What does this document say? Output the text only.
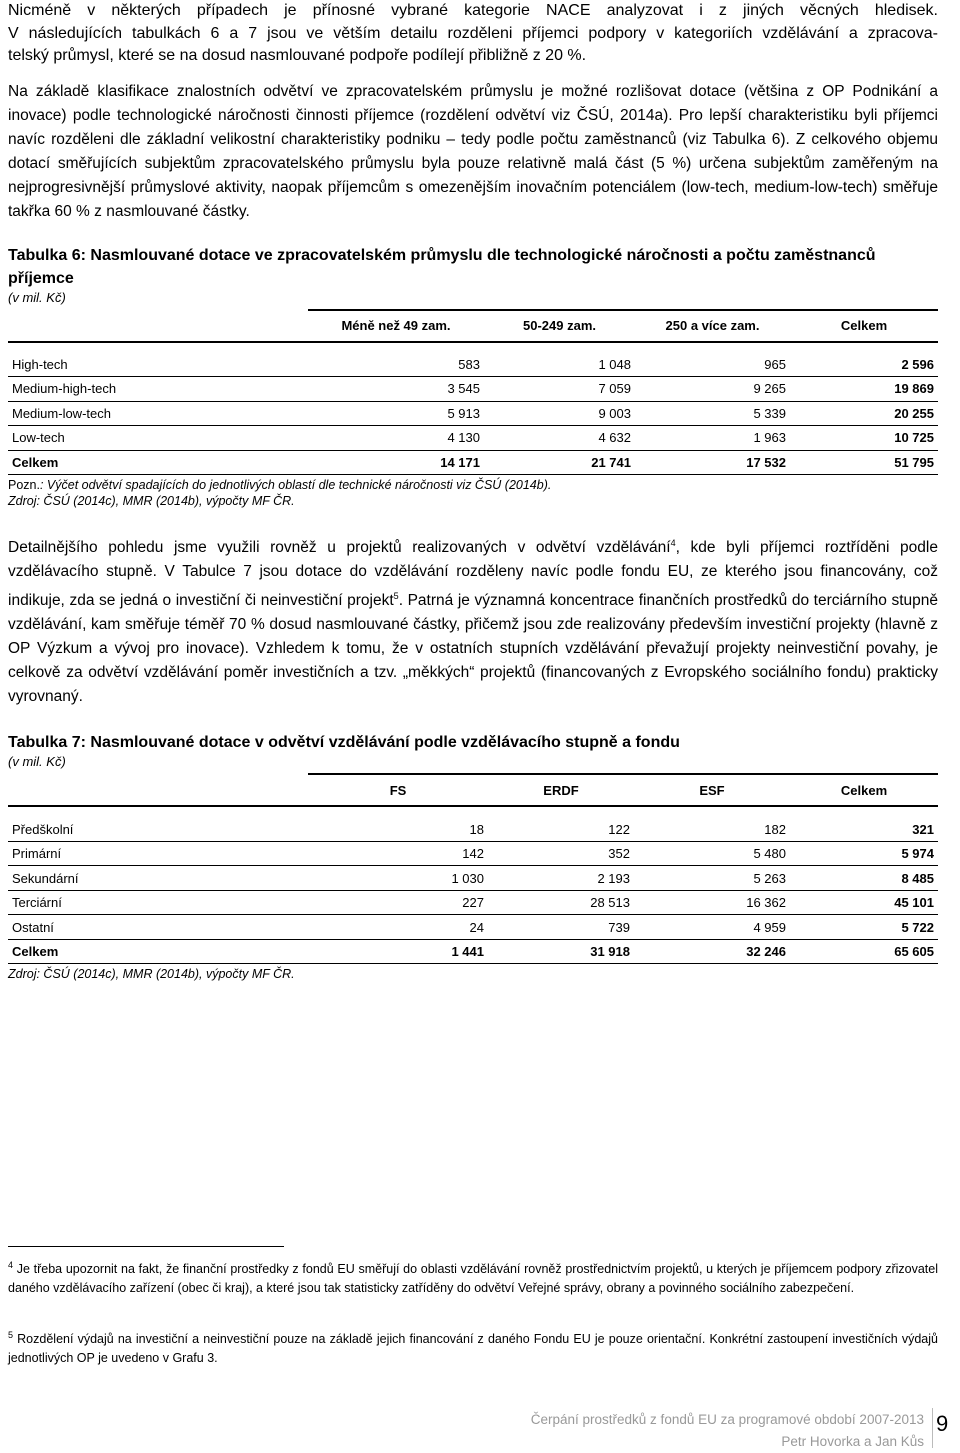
Nicméně v některých případech je přínosné vybrané kategorie NACE analyzovat i z jiných věcných hledisek.
V následujících tabulkách 6 a 7 jsou ve větším detailu rozděleni příjemci podpory v kategoriích vzdělávání a zpracova-
telský průmysl, které se na dosud nasmlouvané podpoře podílejí přibližně z 20 %.

Na základě klasifikace znalostních odvětví ve zpracovatelském průmyslu je možné rozlišovat dotace (většina z OP Podnikání a inovace) podle technologické náročnosti činnosti příjemce (rozdělení odvětví viz ČSÚ, 2014a). Pro lepší charakteristiku byli příjemci navíc rozděleni dle základní velikostní charakteristiky podniku – tedy podle počtu zaměstnanců (viz Tabulka 6). Z celkového objemu dotací směřujících subjektům zpracovatelského průmyslu byla pouze relativně malá část (5 %) určena subjektům zaměřeným na nejprogresivnější průmyslové aktivity, naopak příjemcům s omezenějším inovačním potenciálem (low-tech, medium-low-tech) směřuje takřka 60 % z nasmlouvané částky.

Tabulka 6: Nasmlouvané dotace ve zpracovatelském průmyslu dle technologické náročnosti a počtu zaměstnanců příjemce
(v mil. Kč)
	Méně než 49 zam.	50-249 zam.	250 a více zam.	Celkem

High-tech	583	1 048	965	2 596
Medium-high-tech	3 545	7 059	9 265	19 869
Medium-low-tech	5 913	9 003	5 339	20 255
Low-tech	4 130	4 632	1 963	10 725
Celkem	14 171	21 741	17 532	51 795
Pozn.: Výčet odvětví spadajících do jednotlivých oblastí dle technické náročnosti viz ČSÚ (2014b).
Zdroj: ČSÚ (2014c), MMR (2014b), výpočty MF ČR.

Detailnějšího pohledu jsme využili rovněž u projektů realizovaných v odvětví vzdělávání$^4$, kde byli příjemci roztříděni podle vzdělávacího stupně. V Tabulce 7 jsou dotace do vzdělávání rozděleny navíc podle fondu EU, ze kterého jsou financovány, což indikuje, zda se jedná o investiční či neinvestiční projekt$^5$. Patrná je významná koncentrace finančních prostředků do terciárního stupně vzdělávání, kam směřuje téměř 70 % dosud nasmlouvané částky, přičemž jsou zde realizovány především investiční projekty (hlavně z OP Výzkum a vývoj pro inovace). Vzhledem k tomu, že v ostatních stupních vzdělávání převažují projekty neinvestiční povahy, je celkově za odvětví vzdělávání poměr investičních a tzv. „měkkých“ projektů (financovaných z Evropského sociálního fondu) prakticky vyrovnaný.

Tabulka 7: Nasmlouvané dotace v odvětví vzdělávání podle vzdělávacího stupně a fondu
(v mil. Kč)
	FS	ERDF	ESF	Celkem

Předškolní	18	122	182	321
Primární	142	352	5 480	5 974
Sekundární	1 030	2 193	5 263	8 485
Terciární	227	28 513	16 362	45 101
Ostatní	24	739	4 959	5 722
Celkem	1 441	31 918	32 246	65 605
Zdroj: ČSÚ (2014c), MMR (2014b), výpočty MF ČR.
$^4$ Je třeba upozornit na fakt, že finanční prostředky z fondů EU směřují do oblasti vzdělávání rovněž prostřednictvím projektů, u kterých je příjemcem podpory zřizovatel daného vzdělávacího zařízení (obec či kraj), a které jsou tak statisticky zatříděny do odvětví Veřejné správy, obrany a povinného sociálního zabezpečení.
$^5$ Rozdělení výdajů na investiční a neinvestiční pouze na základě jejich financování z daného Fondu EU je pouze orientační. Konkrétní zastoupení investičních výdajů jednotlivých OP je uvedeno v Grafu 3.
Čerpání prostředků z fondů EU za programové období 2007-2013
Petr Hovorka a Jan Kůs
9
